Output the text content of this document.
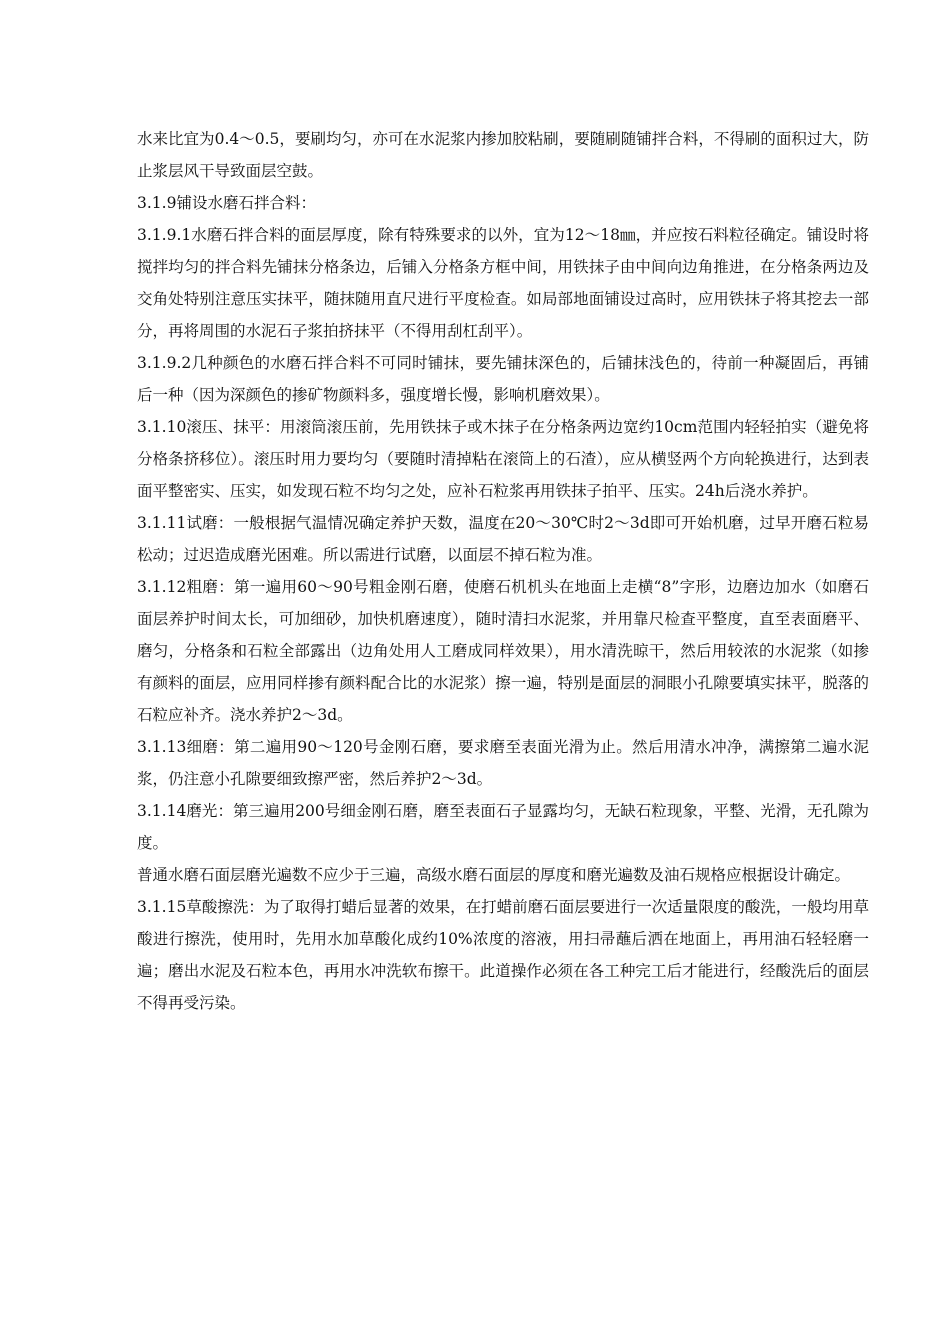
水来比宜为0.4～0.5，要刷均匀，亦可在水泥浆内掺加胶粘刷，要随刷随铺拌合料，不得刷的面积过大，防止浆层风干导致面层空鼓。

3.1.9铺设水磨石拌合料：

3.1.9.1水磨石拌合料的面层厚度，除有特殊要求的以外，宜为12～18㎜，并应按石料粒径确定。铺设时将搅拌均匀的拌合料先铺抹分格条边，后铺入分格条方框中间，用铁抹子由中间向边角推进，在分格条两边及交角处特别注意压实抹平，随抹随用直尺进行平度检查。如局部地面铺设过高时，应用铁抹子将其挖去一部分，再将周围的水泥石子浆拍挤抹平（不得用刮杠刮平）。

3.1.9.2几种颜色的水磨石拌合料不可同时铺抹，要先铺抹深色的，后铺抹浅色的，待前一种凝固后，再铺后一种（因为深颜色的掺矿物颜料多，强度增长慢，影响机磨效果）。

3.1.10滚压、抹平：用滚筒滚压前，先用铁抹子或木抹子在分格条两边宽约10cm范围内轻轻拍实（避免将分格条挤移位）。滚压时用力要均匀（要随时清掉粘在滚筒上的石渣），应从横竖两个方向轮换进行，达到表面平整密实、压实，如发现石粒不均匀之处，应补石粒浆再用铁抹子拍平、压实。24h后浇水养护。

3.1.11试磨：一般根据气温情况确定养护天数，温度在20～30℃时2～3d即可开始机磨，过早开磨石粒易松动；过迟造成磨光困难。所以需进行试磨，以面层不掉石粒为准。

3.1.12粗磨：第一遍用60～90号粗金刚石磨，使磨石机机头在地面上走横“8”字形，边磨边加水（如磨石面层养护时间太长，可加细砂，加快机磨速度），随时清扫水泥浆，并用靠尺检查平整度，直至表面磨平、磨匀，分格条和石粒全部露出（边角处用人工磨成同样效果），用水清洗晾干，然后用较浓的水泥浆（如掺有颜料的面层，应用同样掺有颜料配合比的水泥浆）擦一遍，特别是面层的洞眼小孔隙要填实抹平，脱落的石粒应补齐。浇水养护2～3d。

3.1.13细磨：第二遍用90～120号金刚石磨，要求磨至表面光滑为止。然后用清水冲净，满擦第二遍水泥浆，仍注意小孔隙要细致擦严密，然后养护2～3d。

3.1.14磨光：第三遍用200号细金刚石磨，磨至表面石子显露均匀，无缺石粒现象，平整、光滑，无孔隙为度。

普通水磨石面层磨光遍数不应少于三遍，高级水磨石面层的厚度和磨光遍数及油石规格应根据设计确定。

3.1.15草酸擦洗：为了取得打蜡后显著的效果，在打蜡前磨石面层要进行一次适量限度的酸洗，一般均用草酸进行擦洗，使用时，先用水加草酸化成约10%浓度的溶液，用扫帚蘸后洒在地面上，再用油石轻轻磨一遍；磨出水泥及石粒本色，再用水冲洗软布擦干。此道操作必须在各工种完工后才能进行，经酸洗后的面层不得再受污染。
